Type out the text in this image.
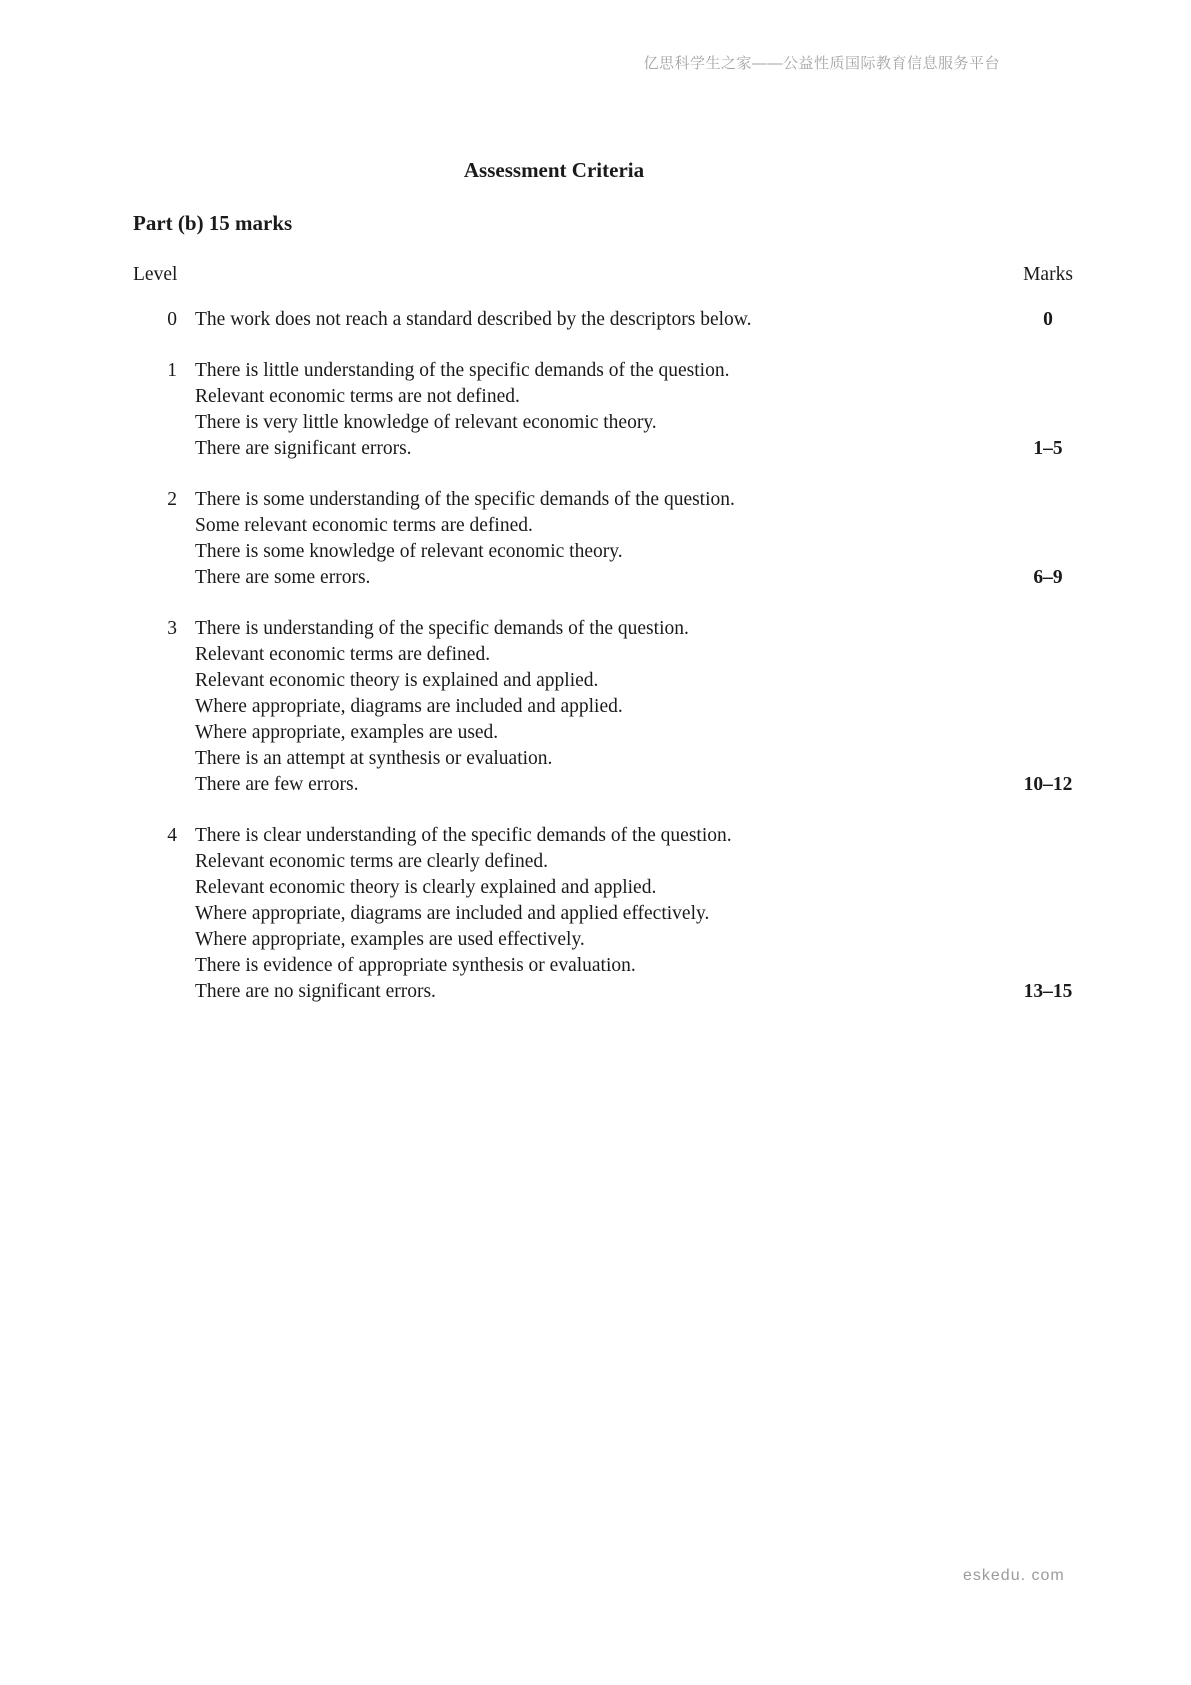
亿思科学生之家——公益性质国际教育信息服务平台
Assessment Criteria
Part (b) 15 marks
Level	Marks
0 The work does not reach a standard described by the descriptors below.	0
1 There is little understanding of the specific demands of the question.
Relevant economic terms are not defined.
There is very little knowledge of relevant economic theory.
There are significant errors.	1–5
2 There is some understanding of the specific demands of the question.
Some relevant economic terms are defined.
There is some knowledge of relevant economic theory.
There are some errors.	6–9
3 There is understanding of the specific demands of the question.
Relevant economic terms are defined.
Relevant economic theory is explained and applied.
Where appropriate, diagrams are included and applied.
Where appropriate, examples are used.
There is an attempt at synthesis or evaluation.
There are few errors.	10–12
4 There is clear understanding of the specific demands of the question.
Relevant economic terms are clearly defined.
Relevant economic theory is clearly explained and applied.
Where appropriate, diagrams are included and applied effectively.
Where appropriate, examples are used effectively.
There is evidence of appropriate synthesis or evaluation.
There are no significant errors.	13–15
eskedu. com
